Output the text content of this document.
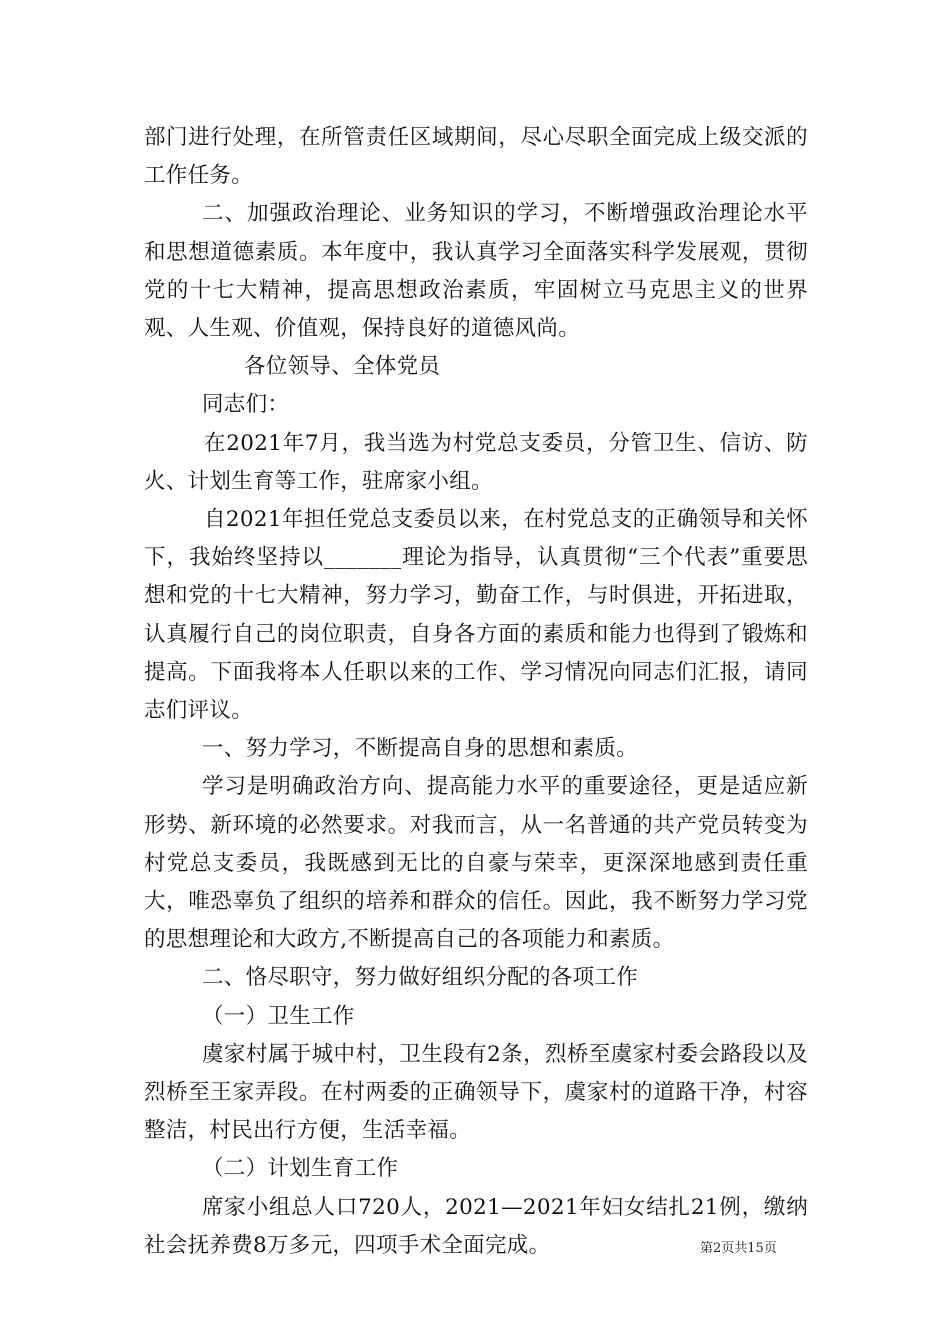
部门进行处理，在所管责任区域期间，尽心尽职全面完成上级交派的工作任务。

二、加强政治理论、业务知识的学习，不断增强政治理论水平和思想道德素质。本年度中，我认真学习全面落实科学发展观，贯彻党的十七大精神，提高思想政治素质，牢固树立马克思主义的世界观、人生观、价值观，保持良好的道德风尚。

各位领导、全体党员

同志们：

在2021年7月，我当选为村党总支委员，分管卫生、信访、防火、计划生育等工作，驻席家小组。

自2021年担任党总支委员以来，在村党总支的正确领导和关怀下，我始终坚持以_______理论为指导，认真贯彻“三个代表”重要思想和党的十七大精神，努力学习，勤奋工作，与时俱进，开拓进取，认真履行自己的岗位职责，自身各方面的素质和能力也得到了锻炼和提高。下面我将本人任职以来的工作、学习情况向同志们汇报，请同志们评议。

一、努力学习，不断提高自身的思想和素质。

学习是明确政治方向、提高能力水平的重要途径，更是适应新形势、新环境的必然要求。对我而言，从一名普通的共产党员转变为村党总支委员，我既感到无比的自豪与荣幸，更深深地感到责任重大，唯恐辜负了组织的培养和群众的信任。因此，我不断努力学习党的思想理论和大政方,不断提高自己的各项能力和素质。

二、恪尽职守，努力做好组织分配的各项工作

（一）卫生工作

虞家村属于城中村，卫生段有2条，烈桥至虞家村委会路段以及烈桥至王家弄段。在村两委的正确领导下，虞家村的道路干净，村容整洁，村民出行方便，生活幸福。

（二）计划生育工作

席家小组总人口720人，2021—2021年妇女结扎21例，缴纳社会抚养费8万多元，四项手术全面完成。	第2页共15页
